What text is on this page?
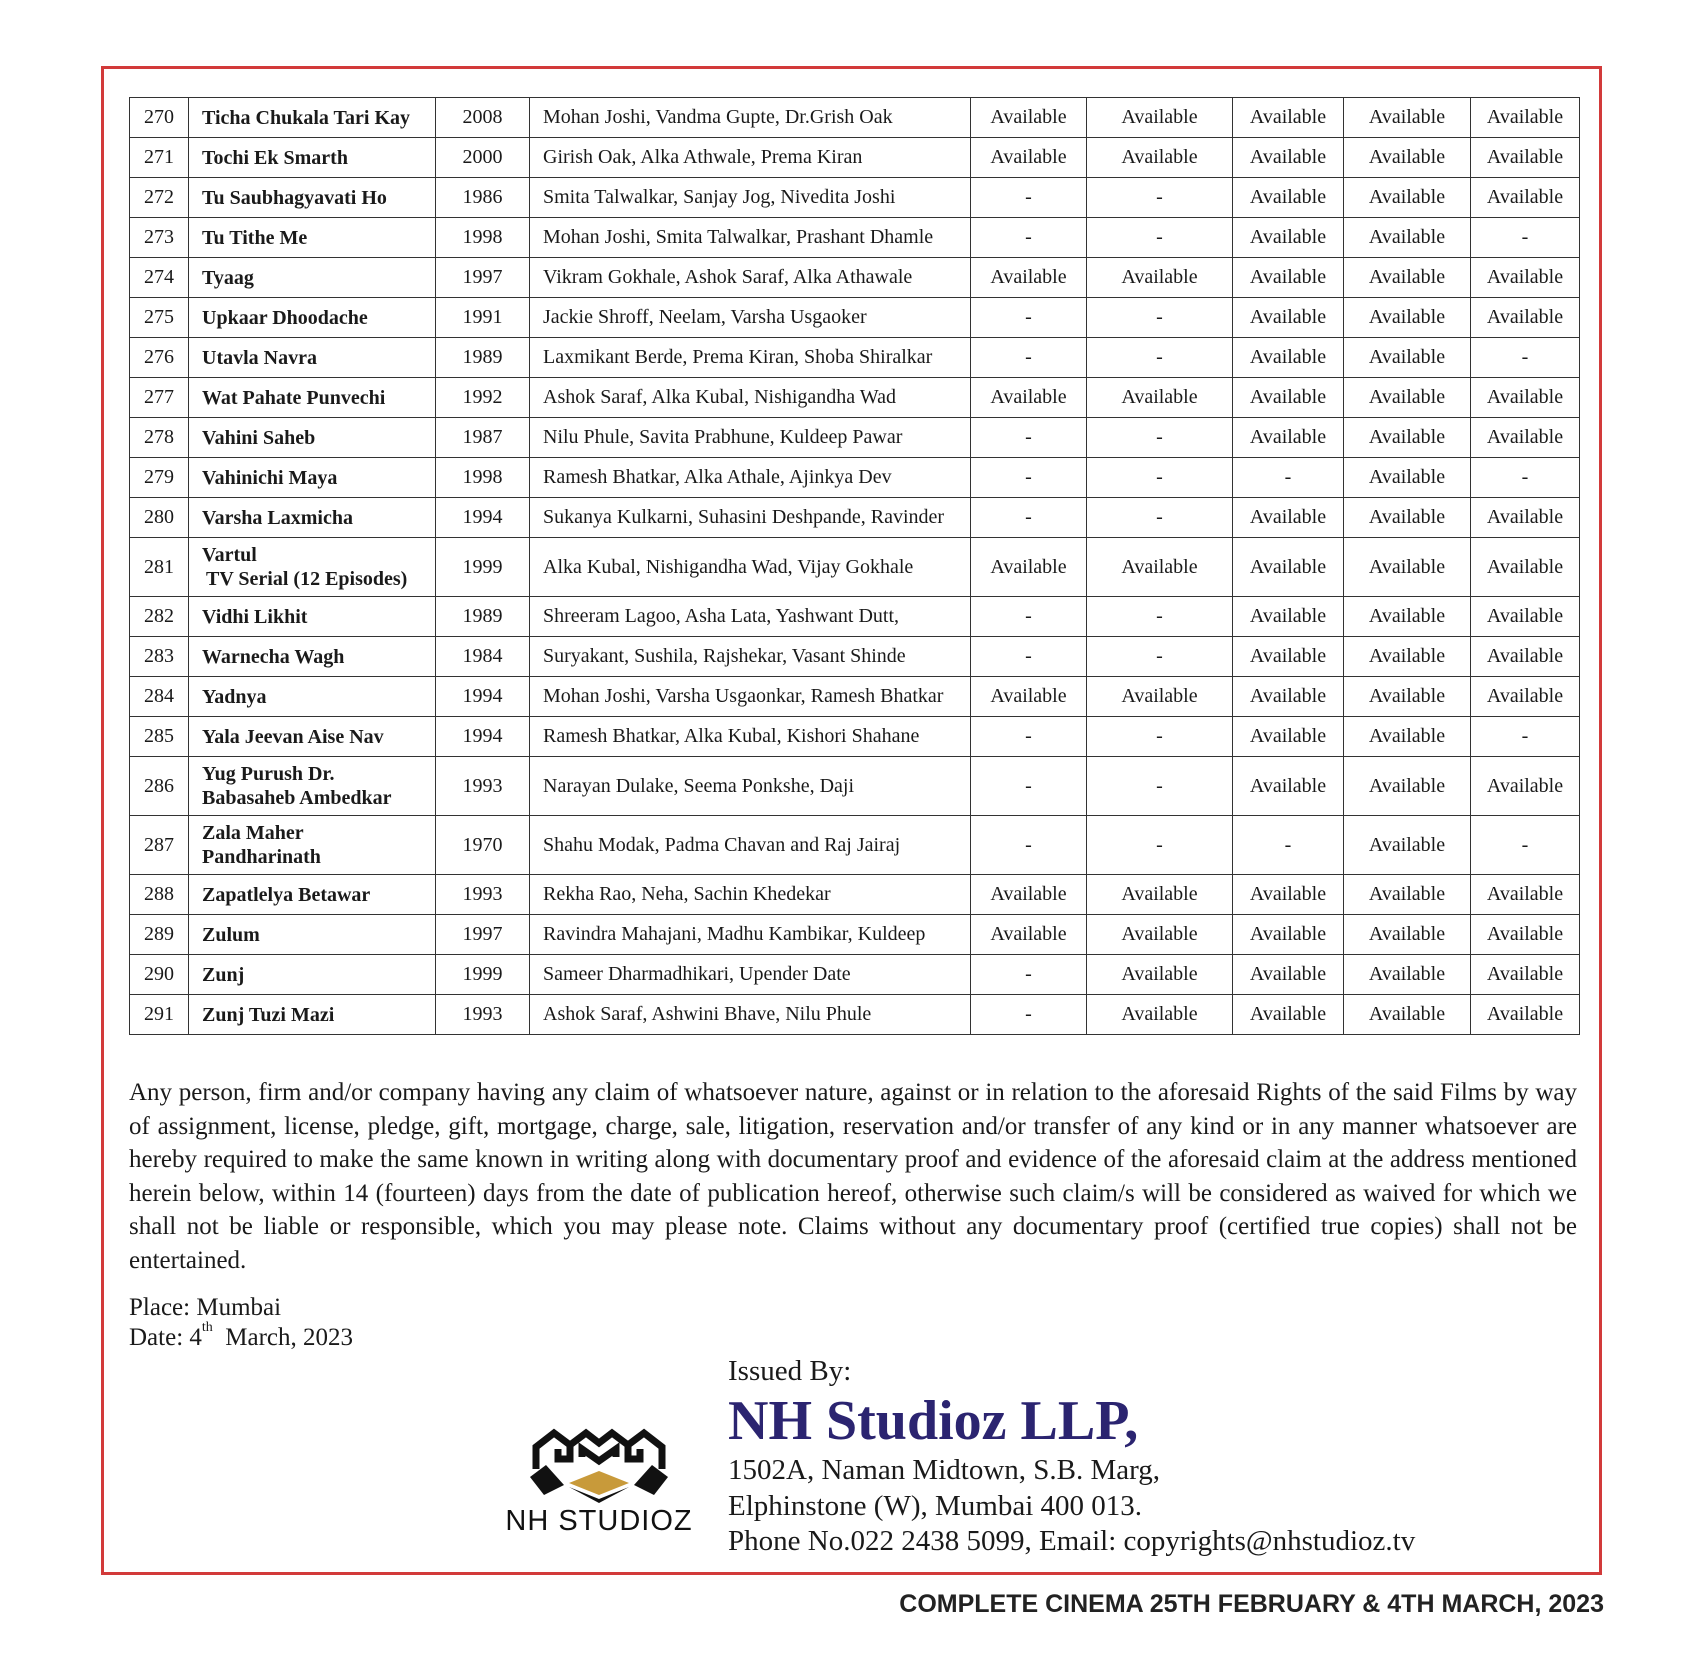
270	Ticha Chukala Tari Kay	2008	Mohan Joshi, Vandma Gupte, Dr.Grish Oak	Available	Available	Available	Available	Available
271	Tochi Ek Smarth	2000	Girish Oak, Alka Athwale, Prema Kiran	Available	Available	Available	Available	Available
272	Tu Saubhagyavati Ho	1986	Smita Talwalkar, Sanjay Jog, Nivedita Joshi	-	-	Available	Available	Available
273	Tu Tithe Me	1998	Mohan Joshi, Smita Talwalkar, Prashant Dhamle	-	-	Available	Available	-
274	Tyaag	1997	Vikram Gokhale, Ashok Saraf, Alka Athawale	Available	Available	Available	Available	Available
275	Upkaar Dhoodache	1991	Jackie Shroff, Neelam, Varsha Usgaoker	-	-	Available	Available	Available
276	Utavla Navra	1989	Laxmikant Berde, Prema Kiran, Shoba Shiralkar	-	-	Available	Available	-
277	Wat Pahate Punvechi	1992	Ashok Saraf, Alka Kubal, Nishigandha Wad	Available	Available	Available	Available	Available
278	Vahini Saheb	1987	Nilu Phule, Savita Prabhune, Kuldeep Pawar	-	-	Available	Available	Available
279	Vahinichi Maya	1998	Ramesh Bhatkar, Alka Athale, Ajinkya Dev	-	-	-	Available	-
280	Varsha Laxmicha	1994	Sukanya Kulkarni, Suhasini Deshpande, Ravinder	-	-	Available	Available	Available
281	Vartul
TV Serial (12 Episodes)	1999	Alka Kubal, Nishigandha Wad, Vijay Gokhale	Available	Available	Available	Available	Available
282	Vidhi Likhit	1989	Shreeram Lagoo, Asha Lata, Yashwant Dutt,	-	-	Available	Available	Available
283	Warnecha Wagh	1984	Suryakant, Sushila, Rajshekar, Vasant Shinde	-	-	Available	Available	Available
284	Yadnya	1994	Mohan Joshi, Varsha Usgaonkar, Ramesh Bhatkar	Available	Available	Available	Available	Available
285	Yala Jeevan Aise Nav	1994	Ramesh Bhatkar, Alka Kubal, Kishori Shahane	-	-	Available	Available	-
286	Yug Purush Dr.
Babasaheb Ambedkar	1993	Narayan Dulake, Seema Ponkshe, Daji	-	-	Available	Available	Available
287	Zala Maher
Pandharinath	1970	Shahu Modak, Padma Chavan and Raj Jairaj	-	-	-	Available	-
288	Zapatlelya Betawar	1993	Rekha Rao, Neha, Sachin Khedekar	Available	Available	Available	Available	Available
289	Zulum	1997	Ravindra Mahajani, Madhu Kambikar, Kuldeep	Available	Available	Available	Available	Available
290	Zunj	1999	Sameer Dharmadhikari, Upender Date	-	Available	Available	Available	Available
291	Zunj Tuzi Mazi	1993	Ashok Saraf, Ashwini Bhave, Nilu Phule	-	Available	Available	Available	Available

Any person, firm and/or company having any claim of whatsoever nature, against or in relation to the aforesaid Rights of the said Films by way of assignment, license, pledge, gift, mortgage, charge, sale, litigation, reservation and/or transfer of any kind or in any manner whatsoever are hereby required to make the same known in writing along with documentary proof and evidence of the aforesaid claim at the address mentioned herein below, within 14 (fourteen) days from the date of publication hereof, otherwise such claim/s will be considered as waived for which we shall not be liable or responsible, which you may please note. Claims without any documentary proof (certified true copies) shall not be entertained.

Place: Mumbai

Date: 4th  March, 2023

NH STUDIOZ

Issued By:

NH Studioz LLP,

1502A, Naman Midtown, S.B. Marg,

Elphinstone (W), Mumbai 400 013.

Phone No.022 2438 5099, Email: copyrights@nhstudioz.tv

COMPLETE CINEMA 25TH FEBRUARY & 4TH MARCH, 2023
